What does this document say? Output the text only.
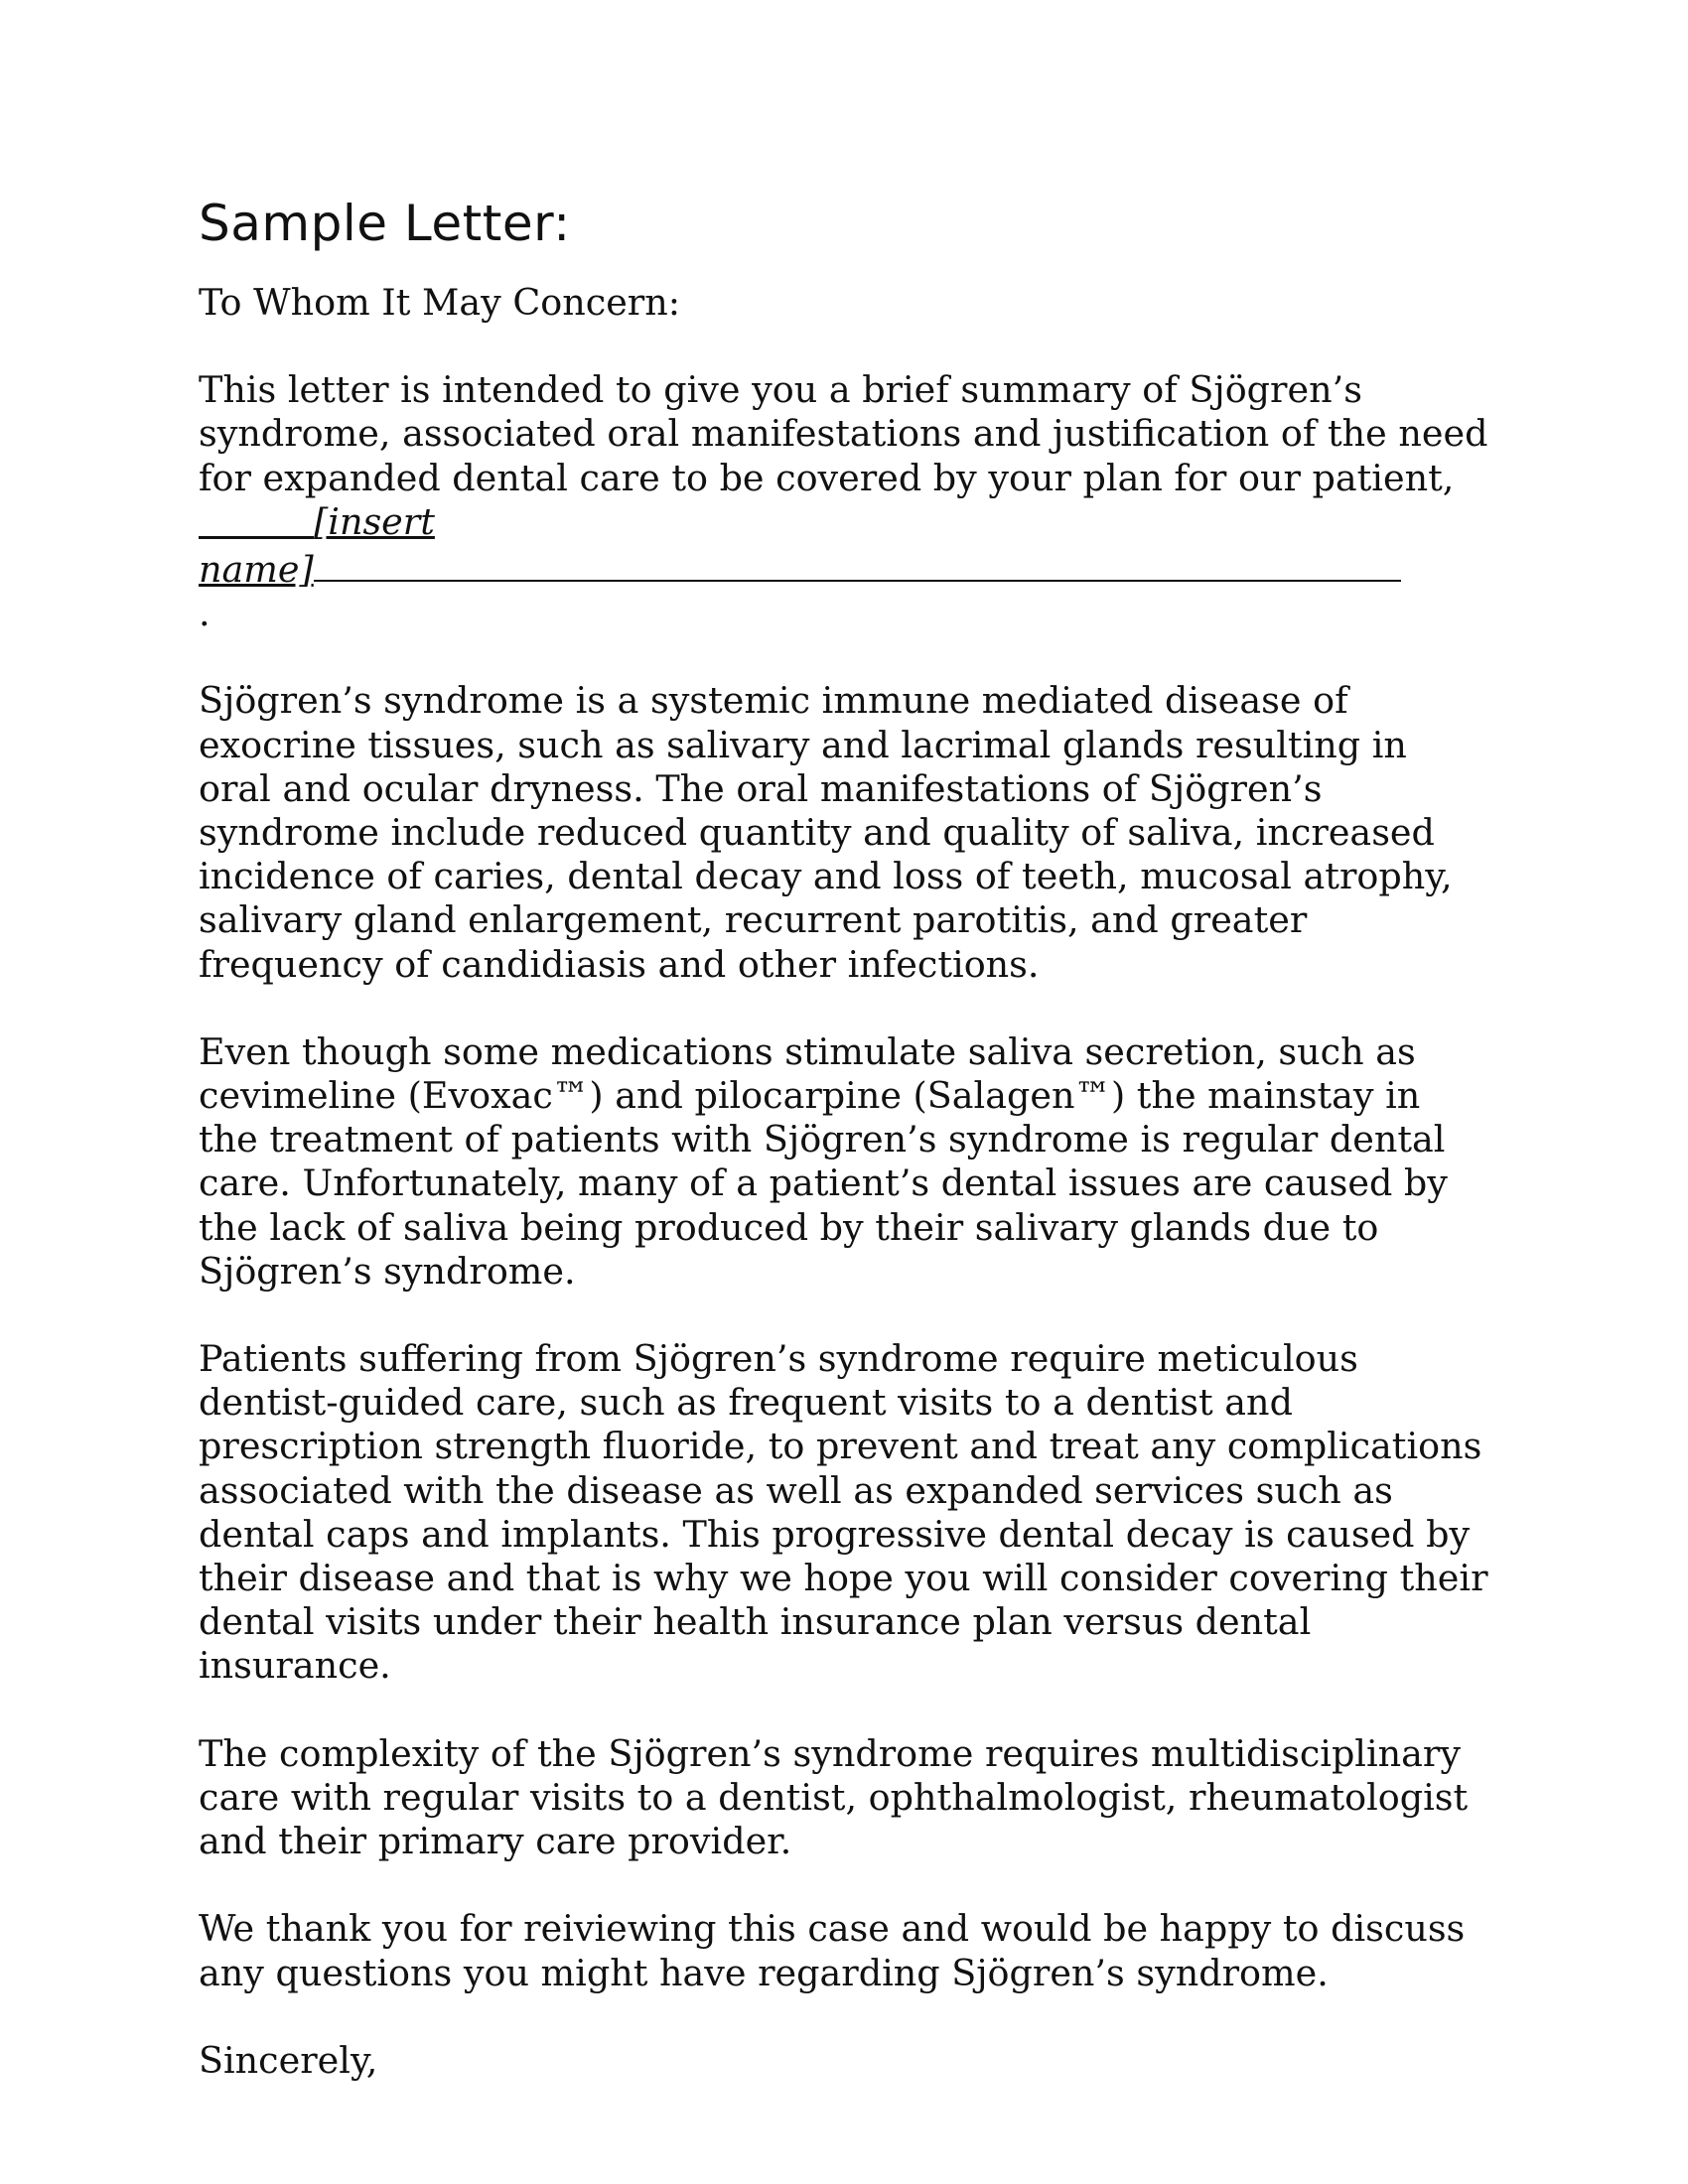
Sample Letter:

To Whom It May Concern:

This letter is intended to give you a brief summary of Sjögren’s syndrome, associated oral manifestations and justification of the need for expanded dental care to be covered by your plan for our patient,           [insert
name]

.

Sjögren’s syndrome is a systemic immune mediated disease of exocrine tissues, such as salivary and lacrimal glands resulting in oral and ocular dryness. The oral manifestations of Sjögren’s syndrome include reduced quantity and quality of saliva, increased incidence of caries, dental decay and loss of teeth, mucosal atrophy, salivary gland enlargement, recurrent parotitis, and greater frequency of candidiasis and other infections.

Even though some medications stimulate saliva secretion, such as cevimeline (Evoxac™) and pilocarpine (Salagen™) the mainstay in the treatment of patients with Sjögren’s syndrome is regular dental care. Unfortunately, many of a patient’s dental issues are caused by the lack of saliva being produced by their salivary glands due to Sjögren’s syndrome.

Patients suffering from Sjögren’s syndrome require meticulous dentist-guided care, such as frequent visits to a dentist and prescription strength fluoride, to prevent and treat any complications associated with the disease as well as expanded services such as dental caps and implants. This progressive dental decay is caused by their disease and that is why we hope you will consider covering their dental visits under their health insurance plan versus dental insurance.

The complexity of the Sjögren’s syndrome requires multidisciplinary care with regular visits to a dentist, ophthalmologist, rheumatologist and their primary care provider.

We thank you for reiviewing this case and would be happy to discuss any questions you might have regarding Sjögren’s syndrome.

Sincerely,
